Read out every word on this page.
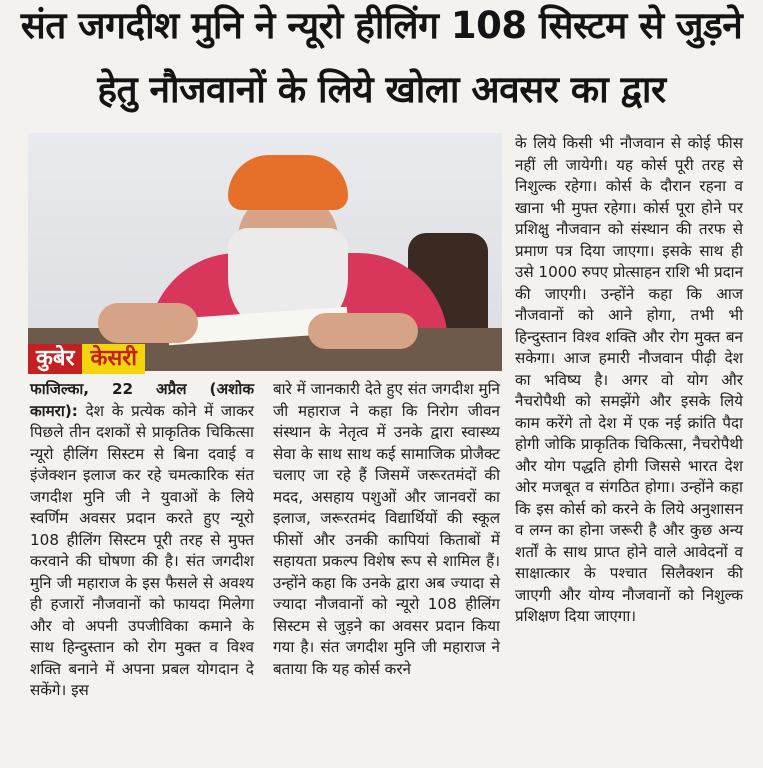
संत जगदीश मुनि ने न्यूरो हीलिंग 108 सिस्टम से जुड़ने
हेतु नौजवानों के लिये खोला अवसर का द्वार
कुबेर केसरी
फाजिल्का, 22 अप्रैल (अशोक कामरा): देश के प्रत्येक कोने में जाकर पिछले तीन दशकों से प्राकृतिक चिकित्सा न्यूरो हीलिंग सिस्टम से बिना दवाई व इंजेक्शन इलाज कर रहे चमत्कारिक संत जगदीश मुनि जी ने युवाओं के लिये स्वर्णिम अवसर प्रदान करते हुए न्यूरो 108 हीलिंग सिस्टम पूरी तरह से मुफ्त करवाने की घोषणा की है। संत जगदीश मुनि जी महाराज के इस फैसले से अवश्य ही हजारों नौजवानों को फायदा मिलेगा और वो अपनी उपजीविका कमाने के साथ हिन्दुस्तान को रोग मुक्त व विश्व शक्ति बनाने में अपना प्रबल योगदान दे सकेंगे। इस
बारे में जानकारी देते हुए संत जगदीश मुनि जी महाराज ने कहा कि निरोग जीवन संस्थान के नेतृत्व में उनके द्वारा स्वास्थ्य सेवा के साथ साथ कई सामाजिक प्रोजैक्ट चलाए जा रहे हैं जिसमें जरूरतमंदों की मदद, असहाय पशुओं और जानवरों का इलाज, जरूरतमंद विद्यार्थियों की स्कूल फीसों और उनकी कापियां किताबों में सहायता प्रकल्प विशेष रूप से शामिल हैं। उन्होंने कहा कि उनके द्वारा अब ज्यादा से ज्यादा नौजवानों को न्यूरो 108 हीलिंग सिस्टम से जुड़ने का अवसर प्रदान किया गया है। संत जगदीश मुनि जी महाराज ने बताया कि यह कोर्स करने
के लिये किसी भी नौजवान से कोई फीस नहीं ली जायेगी। यह कोर्स पूरी तरह से निशुल्क रहेगा। कोर्स के दौरान रहना व खाना भी मुफ्त रहेगा। कोर्स पूरा होने पर प्रशिक्षु नौजवान को संस्थान की तरफ से प्रमाण पत्र दिया जाएगा। इसके साथ ही उसे 1000 रुपए प्रोत्साहन राशि भी प्रदान की जाएगी। उन्होंने कहा कि आज नौजवानों को आने होगा, तभी भी हिन्दुस्तान विश्व शक्ति और रोग मुक्त बन सकेगा। आज हमारी नौजवान पीढ़ी देश का भविष्य है। अगर वो योग और नैचरोपैथी को समझेंगे और इसके लिये काम करेंगे तो देश में एक नई क्रांति पैदा होगी जोकि प्राकृतिक चिकित्सा, नैचरोपैथी और योग पद्धति होगी जिससे भारत देश ओर मजबूत व संगठित होगा। उन्होंने कहा कि इस कोर्स को करने के लिये अनुशासन व लग्न का होना जरूरी है और कुछ अन्य शर्तों के साथ प्राप्त होने वाले आवेदनों व साक्षात्कार के पश्चात सिलैक्शन की जाएगी और योग्य नौजवानों को निशुल्क प्रशिक्षण दिया जाएगा।
